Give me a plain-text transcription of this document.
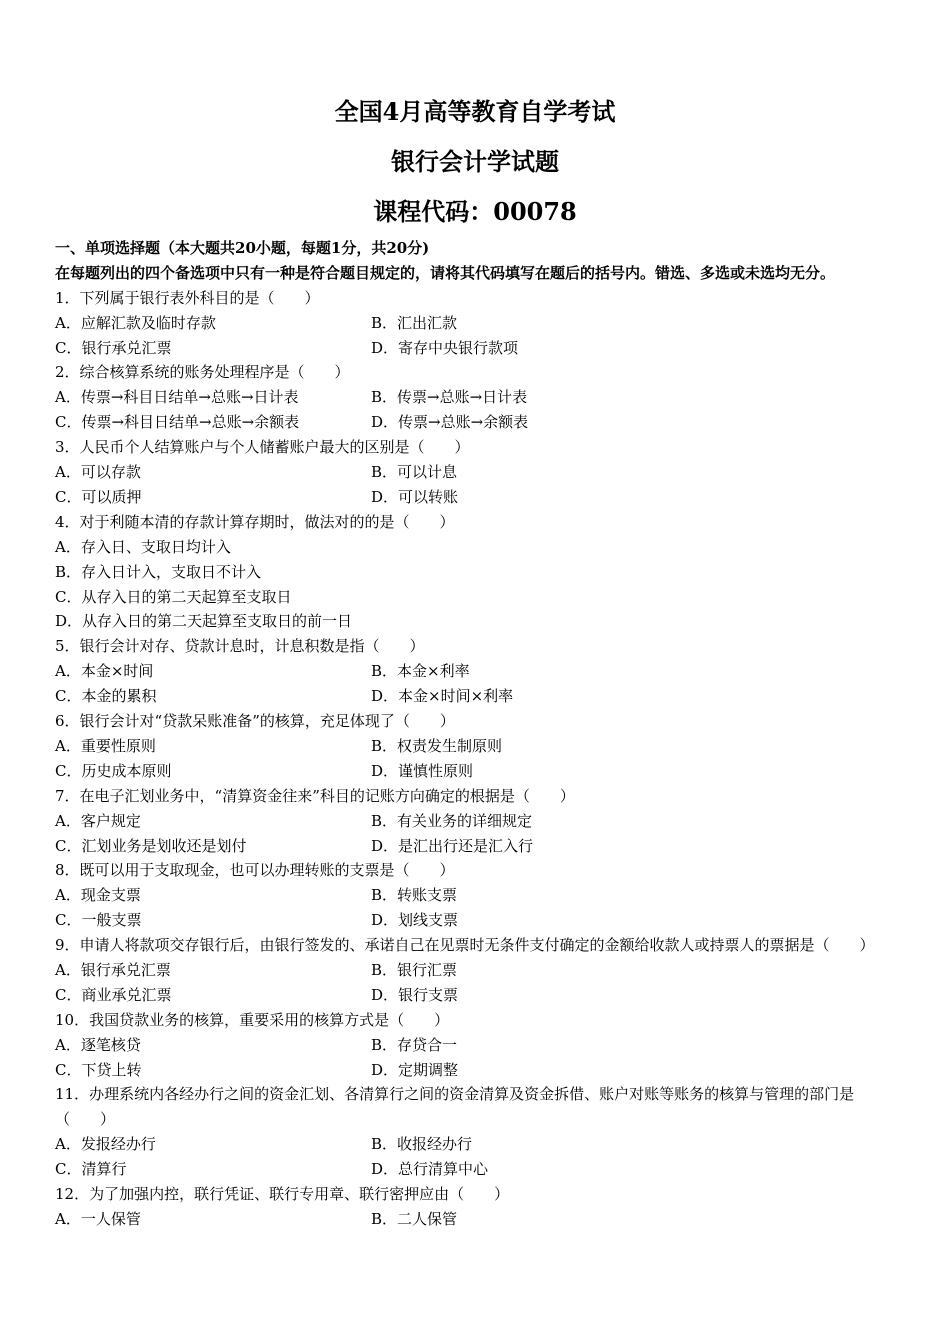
全国4月高等教育自学考试
银行会计学试题
课程代码：00078
一、单项选择题（本大题共20小题，每题1分，共20分)
在每题列出的四个备选项中只有一种是符合题目规定的，请将其代码填写在题后的括号内。错选、多选或未选均无分。
1．下列属于银行表外科目的是（　　）
A．应解汇款及临时存款	B．汇出汇款
C．银行承兑汇票	D．寄存中央银行款项
2．综合核算系统的账务处理程序是（　　）
A．传票→科目日结单→总账→日计表	B．传票→总账→日计表
C．传票→科目日结单→总账→余额表	D．传票→总账→余额表
3．人民币个人结算账户与个人储蓄账户最大的区别是（　　）
A．可以存款	B．可以计息
C．可以质押	D．可以转账
4．对于利随本清的存款计算存期时，做法对的的是（　　）
A．存入日、支取日均计入
B．存入日计入，支取日不计入
C．从存入日的第二天起算至支取日
D．从存入日的第二天起算至支取日的前一日
5．银行会计对存、贷款计息时，计息积数是指（　　）
A．本金×时间	B．本金×利率
C．本金的累积	D．本金×时间×利率
6．银行会计对“贷款呆账准备”的核算，充足体现了（　　）
A．重要性原则	B．权责发生制原则
C．历史成本原则	D．谨慎性原则
7．在电子汇划业务中，“清算资金往来”科目的记账方向确定的根据是（　　）
A．客户规定	B．有关业务的详细规定
C．汇划业务是划收还是划付	D．是汇出行还是汇入行
8．既可以用于支取现金，也可以办理转账的支票是（　　）
A．现金支票	B．转账支票
C．一般支票	D．划线支票
9．申请人将款项交存银行后，由银行签发的、承诺自己在见票时无条件支付确定的金额给收款人或持票人的票据是（　　）
A．银行承兑汇票	B．银行汇票
C．商业承兑汇票	D．银行支票
10．我国贷款业务的核算，重要采用的核算方式是（　　）
A．逐笔核贷	B．存贷合一
C．下贷上转	D．定期调整
11．办理系统内各经办行之间的资金汇划、各清算行之间的资金清算及资金拆借、账户对账等账务的核算与管理的部门是（　　）
A．发报经办行	B．收报经办行
C．清算行	D．总行清算中心
12．为了加强内控，联行凭证、联行专用章、联行密押应由（　　）
A．一人保管	B．二人保管
